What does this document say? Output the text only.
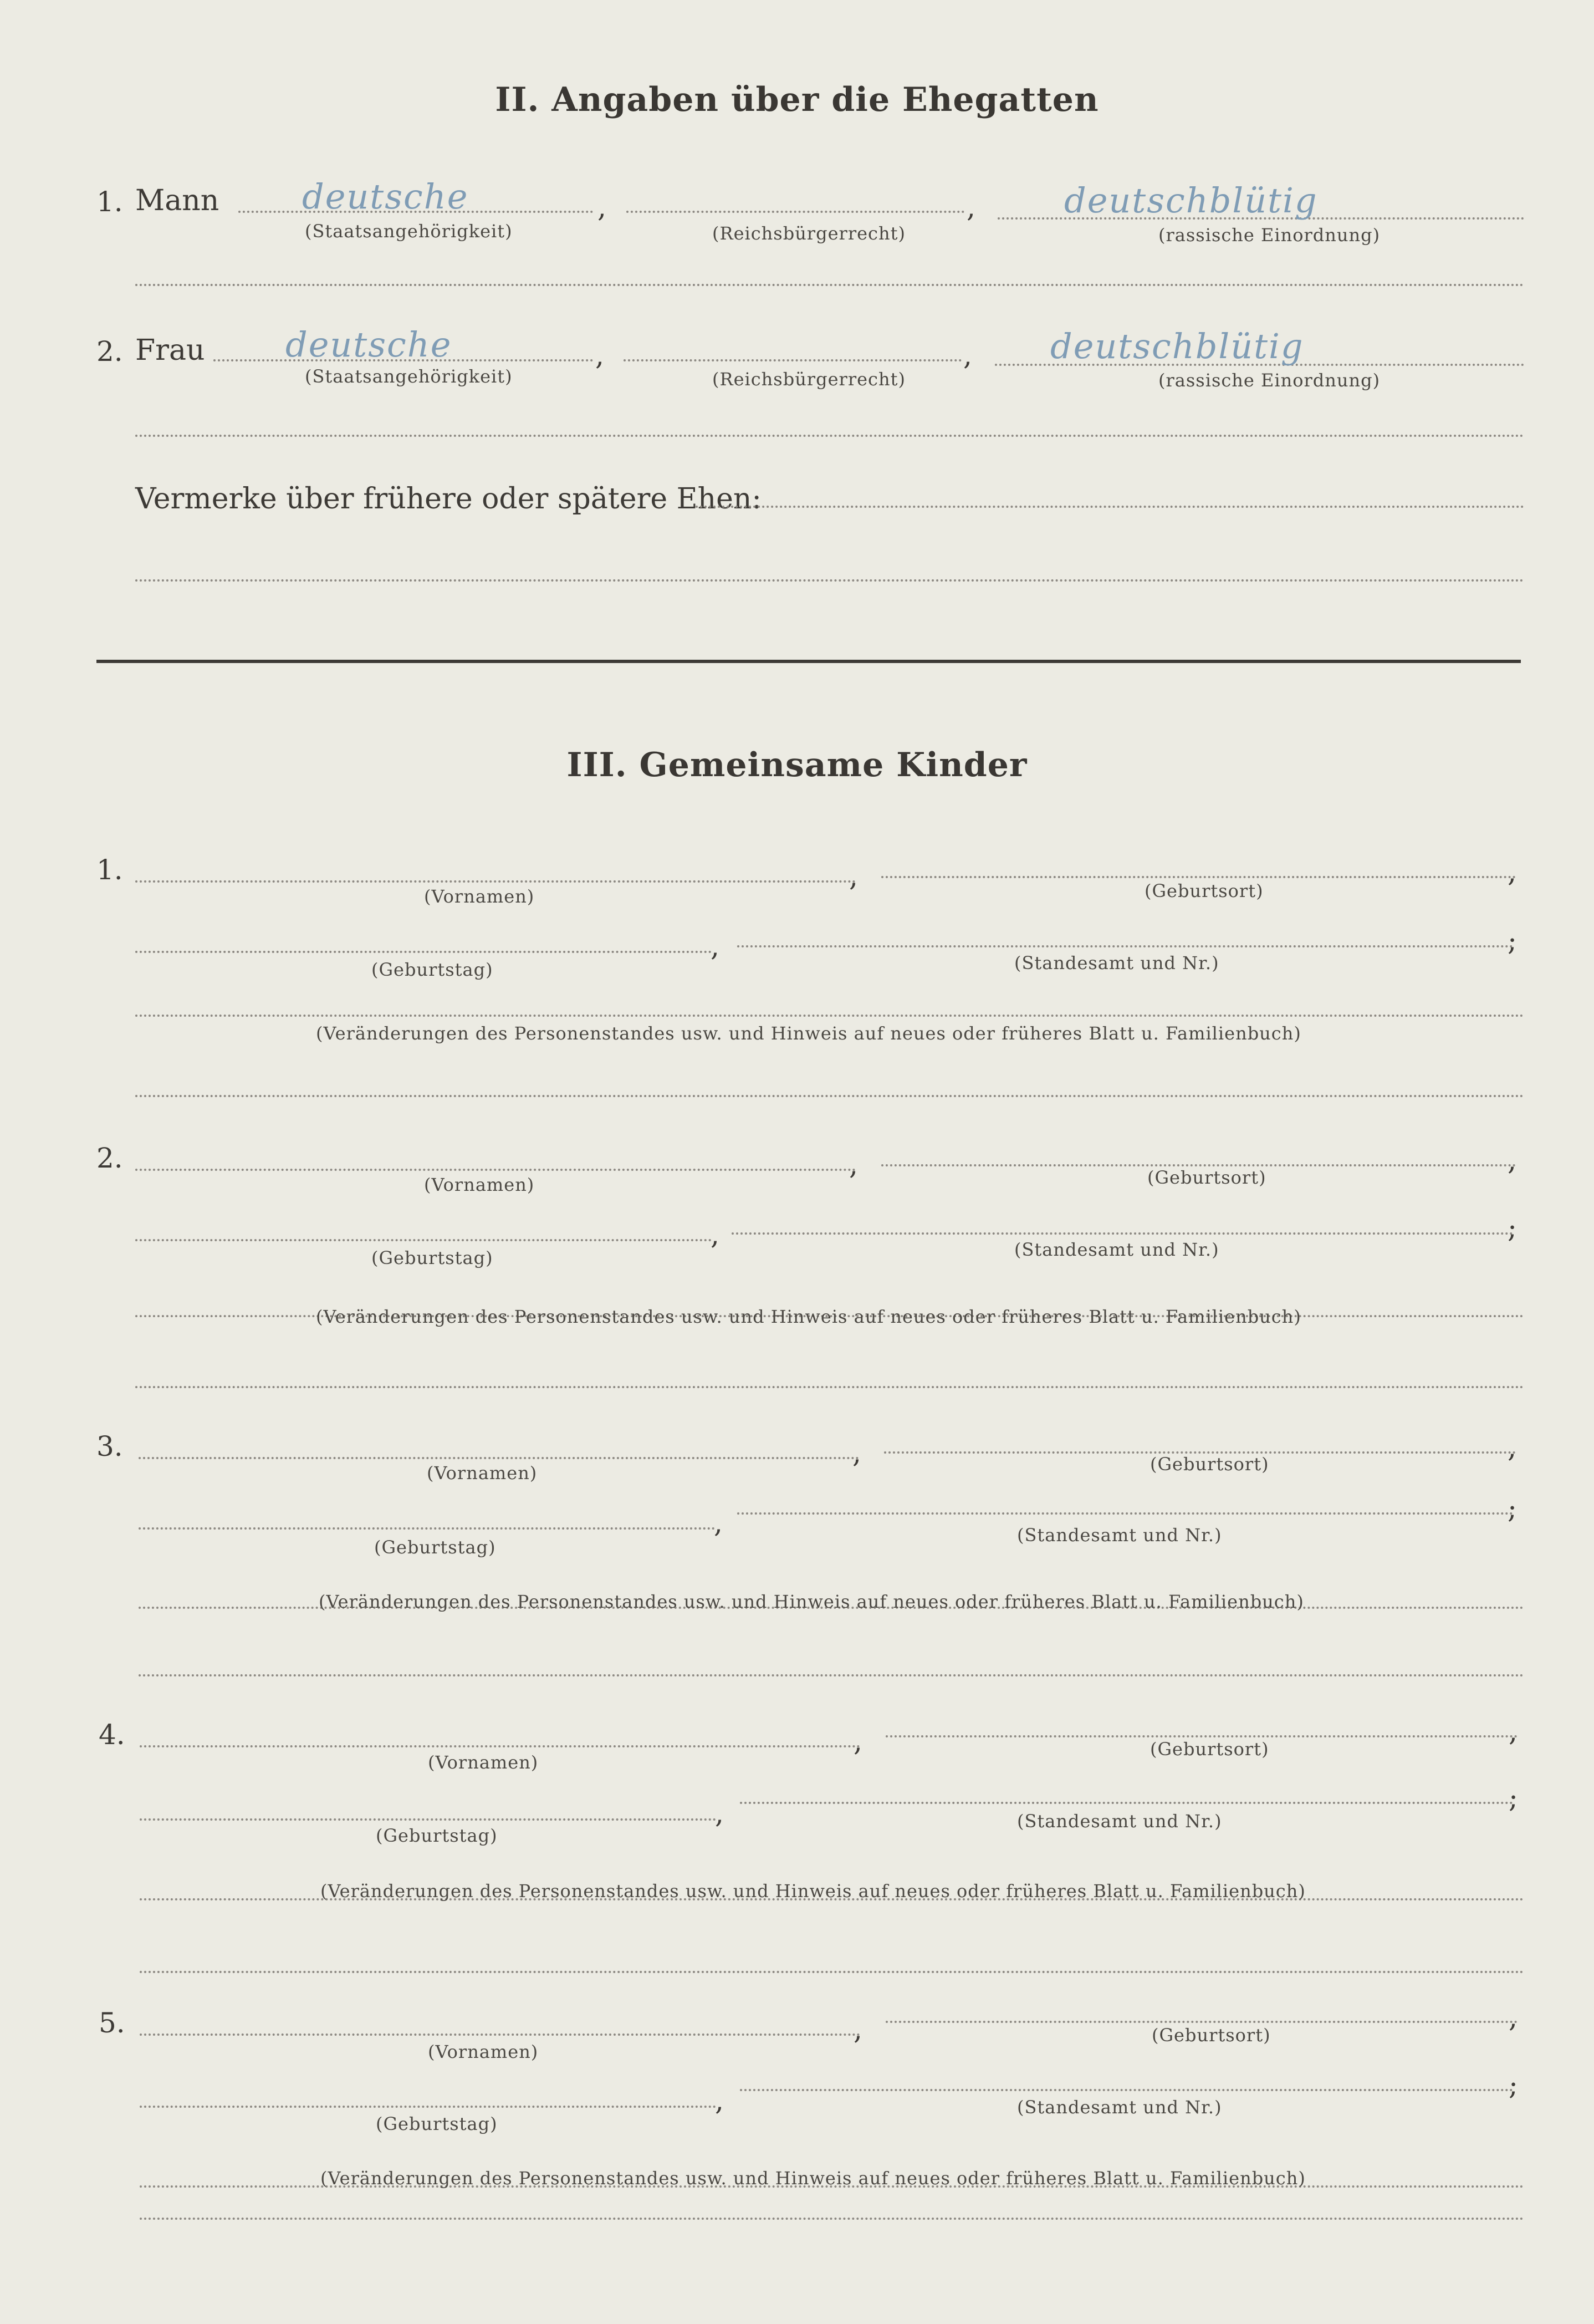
II. Angaben über die Ehegatten
1. Mann deutsche	,	,	deutschblütig
(Staatsangehörigkeit)	(Reichsbürgerrecht)	(rassische Einordnung)
2. Frau deutsche	,	, deutschblütig
(Staatsangehörigkeit)	(Reichsbürgerrecht)	(rassische Einordnung)
Vermerke über frühere oder spätere Ehen:
III. Gemeinsame Kinder
1.	,	,
(Vornamen)	(Geburtsort)
,	;
(Geburtstag)	(Standesamt und Nr.)
(Veränderungen des Personenstandes usw. und Hinweis auf neues oder früheres Blatt u. Familienbuch)
2.	,	,
(Vornamen)	(Geburtsort)
,	;
(Geburtstag)	(Standesamt und Nr.)
(Veränderungen des Personenstandes usw. und Hinweis auf neues oder früheres Blatt u. Familienbuch)
3.	,	,
(Vornamen)	(Geburtsort)
,	;
(Geburtstag)
(Standesamt und Nr.)
(Veränderungen des Personenstandes usw. und Hinweis auf neues oder früheres Blatt u. Familienbuch)
4.	,	,
(Vornamen)
(Geburtsort)
,	;
(Geburtstag)
(Standesamt und Nr.)
(Veränderungen des Personenstandes usw. und Hinweis auf neues oder früheres Blatt u. Familienbuch)
5.	,	,
(Vornamen)
(Geburtsort)
,	;
(Geburtstag)
(Standesamt und Nr.)
(Veränderungen des Personenstandes usw. und Hinweis auf neues oder früheres Blatt u. Familienbuch)
